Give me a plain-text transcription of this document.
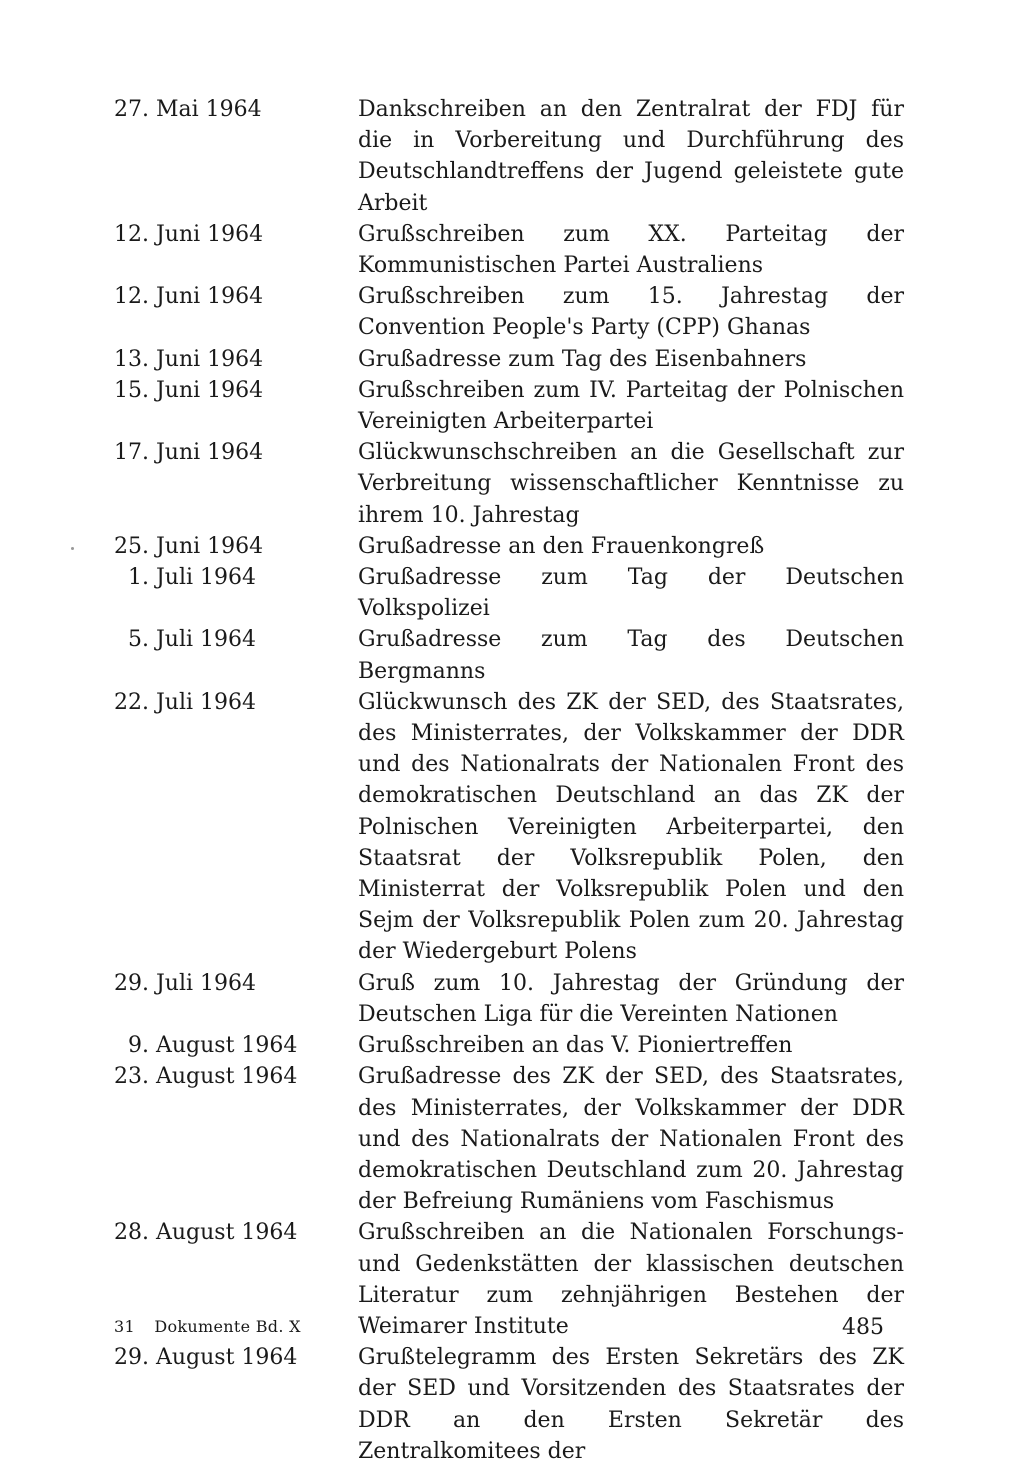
27. Mai 1964	Dankschreiben an den Zentralrat der FDJ für die in Vorbereitung und Durchführung des Deutschlandtreffens der Jugend geleistete gute Arbeit
12. Juni 1964	Grußschreiben zum XX. Parteitag der Kommunistischen Partei Australiens
12. Juni 1964	Grußschreiben zum 15. Jahrestag der Convention People's Party (CPP) Ghanas
13. Juni 1964	Grußadresse zum Tag des Eisenbahners
15. Juni 1964	Grußschreiben zum IV. Parteitag der Polnischen Vereinigten Arbeiterpartei
17. Juni 1964	Glückwunschschreiben an die Gesellschaft zur Verbreitung wissenschaftlicher Kenntnisse zu ihrem 10. Jahrestag
25. Juni 1964	Grußadresse an den Frauenkongreß
1. Juli 1964	Grußadresse zum Tag der Deutschen Volkspolizei
5. Juli 1964	Grußadresse zum Tag des Deutschen Bergmanns
22. Juli 1964	Glückwunsch des ZK der SED, des Staatsrates, des Ministerrates, der Volkskammer der DDR und des Nationalrats der Nationalen Front des demokratischen Deutschland an das ZK der Polnischen Vereinigten Arbeiterpartei, den Staatsrat der Volksrepublik Polen, den Ministerrat der Volksrepublik Polen und den Sejm der Volksrepublik Polen zum 20. Jahrestag der Wiedergeburt Polens
29. Juli 1964	Gruß zum 10. Jahrestag der Gründung der Deutschen Liga für die Vereinten Nationen
9. August 1964	Grußschreiben an das V. Pioniertreffen
23. August 1964	Grußadresse des ZK der SED, des Staatsrates, des Ministerrates, der Volkskammer der DDR und des Nationalrats der Nationalen Front des demokratischen Deutschland zum 20. Jahrestag der Befreiung Rumäniens vom Faschismus
28. August 1964	Grußschreiben an die Nationalen Forschungs- und Gedenkstätten der klassischen deutschen Literatur zum zehnjährigen Bestehen der Weimarer Institute
29. August 1964	Grußtelegramm des Ersten Sekretärs des ZK der SED und Vorsitzenden des Staatsrates der DDR an den Ersten Sekretär des Zentralkomitees der
31 Dokumente Bd. X	485
